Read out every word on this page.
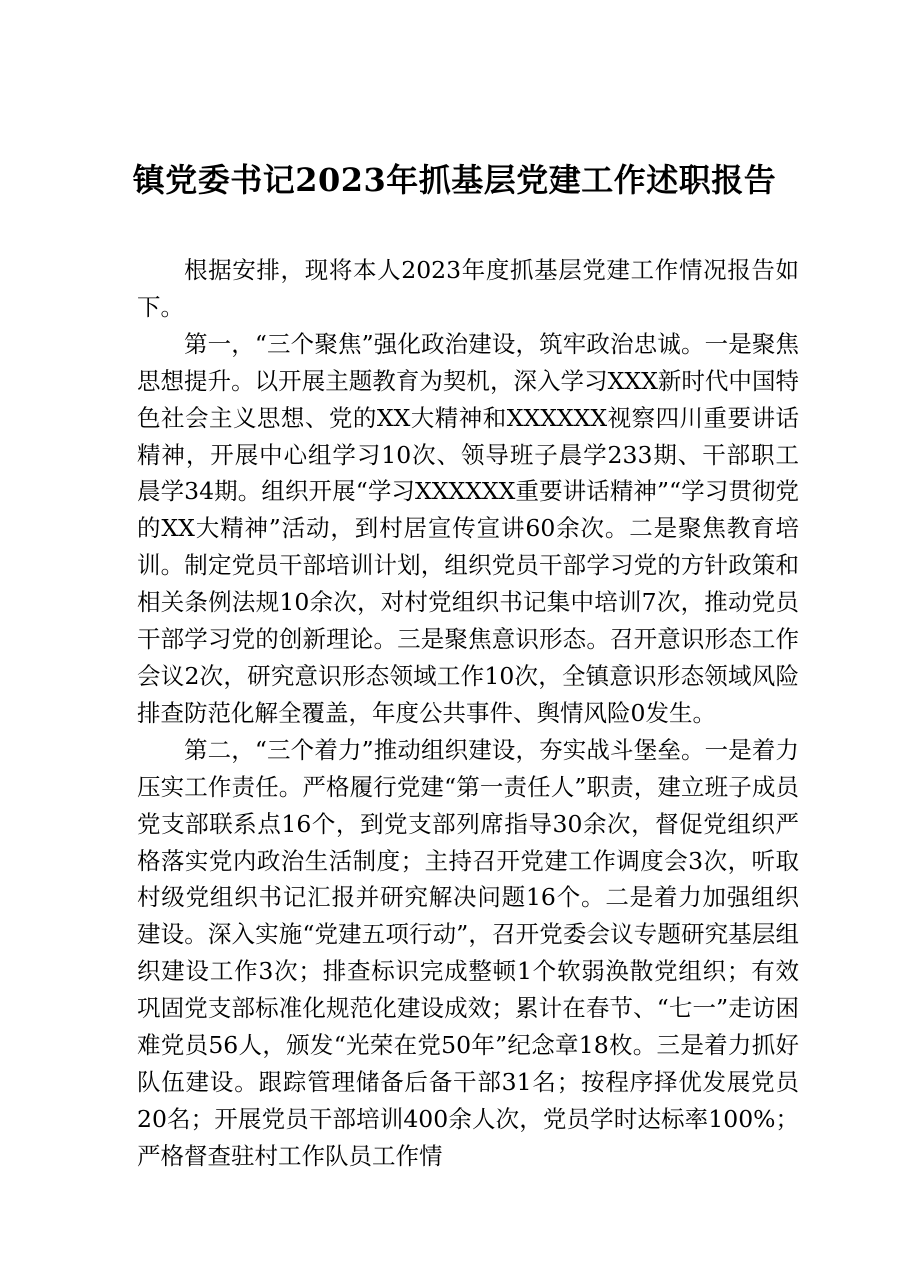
镇党委书记2023年抓基层党建工作述职报告

根据安排，现将本人2023年度抓基层党建工作情况报告如下。

第一，“三个聚焦”强化政治建设，筑牢政治忠诚。一是聚焦思想提升。以开展主题教育为契机，深入学习XXX新时代中国特色社会主义思想、党的XX大精神和XXXXXX视察四川重要讲话精神，开展中心组学习10次、领导班子晨学233期、干部职工晨学34期。组织开展“学习XXXXXX重要讲话精神”“学习贯彻党的XX大精神”活动，到村居宣传宣讲60余次。二是聚焦教育培训。制定党员干部培训计划，组织党员干部学习党的方针政策和相关条例法规10余次，对村党组织书记集中培训7次，推动党员干部学习党的创新理论。三是聚焦意识形态。召开意识形态工作会议2次，研究意识形态领域工作10次，全镇意识形态领域风险排查防范化解全覆盖，年度公共事件、舆情风险0发生。

第二，“三个着力”推动组织建设，夯实战斗堡垒。一是着力压实工作责任。严格履行党建“第一责任人”职责，建立班子成员党支部联系点16个，到党支部列席指导30余次，督促党组织严格落实党内政治生活制度；主持召开党建工作调度会3次，听取村级党组织书记汇报并研究解决问题16个。二是着力加强组织建设。深入实施“党建五项行动”，召开党委会议专题研究基层组织建设工作3次；排查标识完成整顿1个软弱涣散党组织；有效巩固党支部标准化规范化建设成效；累计在春节、“七一”走访困难党员56人，颁发“光荣在党50年”纪念章18枚。三是着力抓好队伍建设。跟踪管理储备后备干部31名；按程序择优发展党员20名；开展党员干部培训400余人次，党员学时达标率100%；严格督查驻村工作队员工作情
